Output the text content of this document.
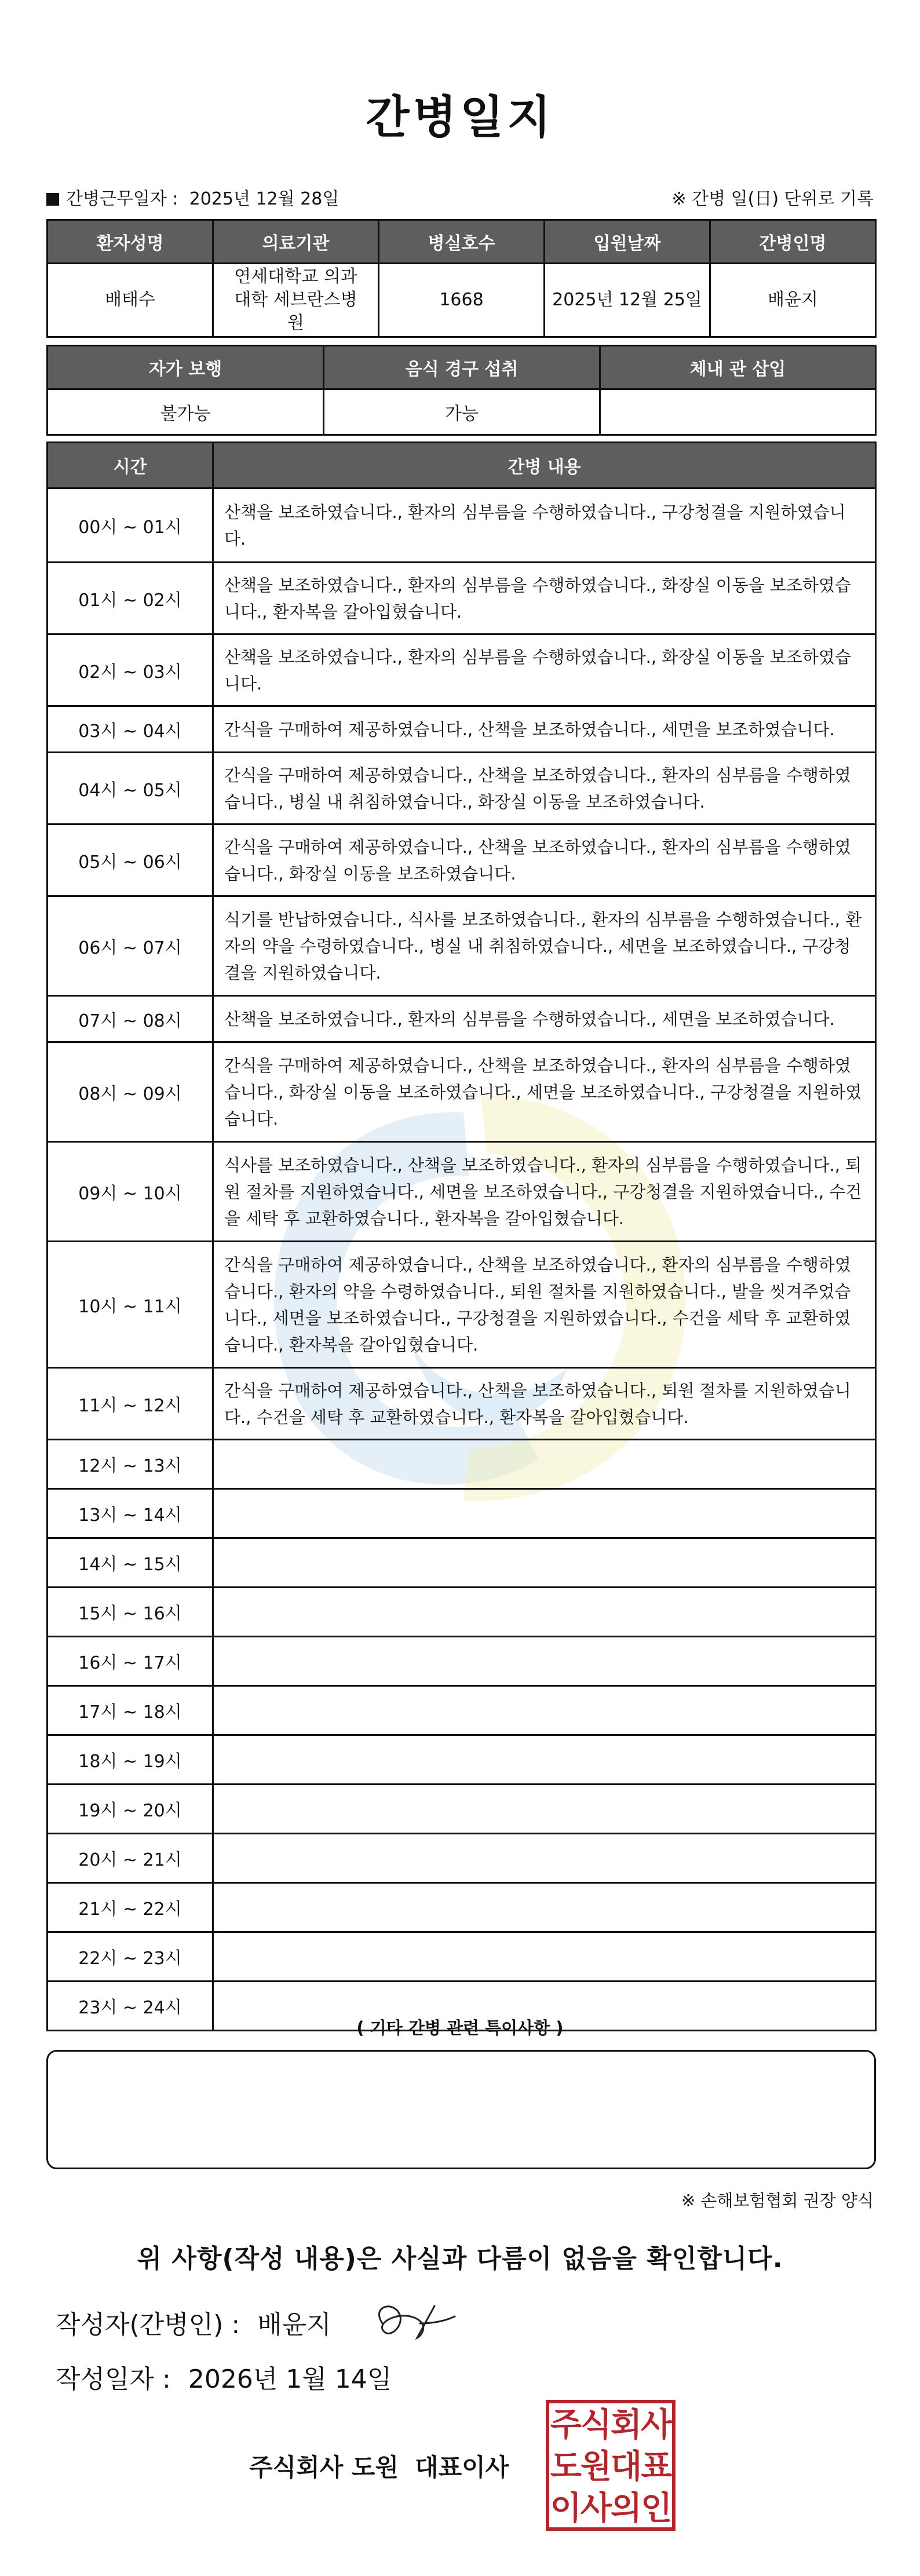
간병일지
간병근무일자 : 2025년 12월 28일	※ 간병 일(日) 단위로 기록
환자성명	의료기관	병실호수	입원날짜	간병인명
배태수	연세대학교 의과대학 세브란스병원	1668	2025년 12월 25일	배윤지
자가 보행	음식 경구 섭취	체내 관 삽입
불가능	가능	
시간	간병 내용
00시 ~ 01시	산책을 보조하였습니다., 환자의 심부름을 수행하였습니다., 구강청결을 지원하였습니다.
01시 ~ 02시	산책을 보조하였습니다., 환자의 심부름을 수행하였습니다., 화장실 이동을 보조하였습니다., 환자복을 갈아입혔습니다.
02시 ~ 03시	산책을 보조하였습니다., 환자의 심부름을 수행하였습니다., 화장실 이동을 보조하였습니다.
03시 ~ 04시	간식을 구매하여 제공하였습니다., 산책을 보조하였습니다., 세면을 보조하였습니다.
04시 ~ 05시	간식을 구매하여 제공하였습니다., 산책을 보조하였습니다., 환자의 심부름을 수행하였습니다., 병실 내 취침하였습니다., 화장실 이동을 보조하였습니다.
05시 ~ 06시	간식을 구매하여 제공하였습니다., 산책을 보조하였습니다., 환자의 심부름을 수행하였습니다., 화장실 이동을 보조하였습니다.
06시 ~ 07시	식기를 반납하였습니다., 식사를 보조하였습니다., 환자의 심부름을 수행하였습니다., 환자의 약을 수령하였습니다., 병실 내 취침하였습니다., 세면을 보조하였습니다., 구강청결을 지원하였습니다.
07시 ~ 08시	산책을 보조하였습니다., 환자의 심부름을 수행하였습니다., 세면을 보조하였습니다.
08시 ~ 09시	간식을 구매하여 제공하였습니다., 산책을 보조하였습니다., 환자의 심부름을 수행하였습니다., 화장실 이동을 보조하였습니다., 세면을 보조하였습니다., 구강청결을 지원하였습니다.
09시 ~ 10시	식사를 보조하였습니다., 산책을 보조하였습니다., 환자의 심부름을 수행하였습니다., 퇴원 절차를 지원하였습니다., 세면을 보조하였습니다., 구강청결을 지원하였습니다., 수건을 세탁 후 교환하였습니다., 환자복을 갈아입혔습니다.
10시 ~ 11시	간식을 구매하여 제공하였습니다., 산책을 보조하였습니다., 환자의 심부름을 수행하였습니다., 환자의 약을 수령하였습니다., 퇴원 절차를 지원하였습니다., 발을 씻겨주었습니다., 세면을 보조하였습니다., 구강청결을 지원하였습니다., 수건을 세탁 후 교환하였습니다., 환자복을 갈아입혔습니다.
11시 ~ 12시	간식을 구매하여 제공하였습니다., 산책을 보조하였습니다., 퇴원 절차를 지원하였습니다., 수건을 세탁 후 교환하였습니다., 환자복을 갈아입혔습니다.
12시 ~ 13시	
13시 ~ 14시	
14시 ~ 15시	
15시 ~ 16시	
16시 ~ 17시	
17시 ~ 18시	
18시 ~ 19시	
19시 ~ 20시	
20시 ~ 21시	
21시 ~ 22시	
22시 ~ 23시	
23시 ~ 24시	
( 기타 간병 관련 특이사항 )
※ 손해보험협회 권장 양식
위 사항(작성 내용)은 사실과 다름이 없음을 확인합니다.
작성자(간병인) : 배윤지
작성일자 : 2026년 1월 14일
주식회사 도원 대표이사
주식회사
도원대표
이사의인
